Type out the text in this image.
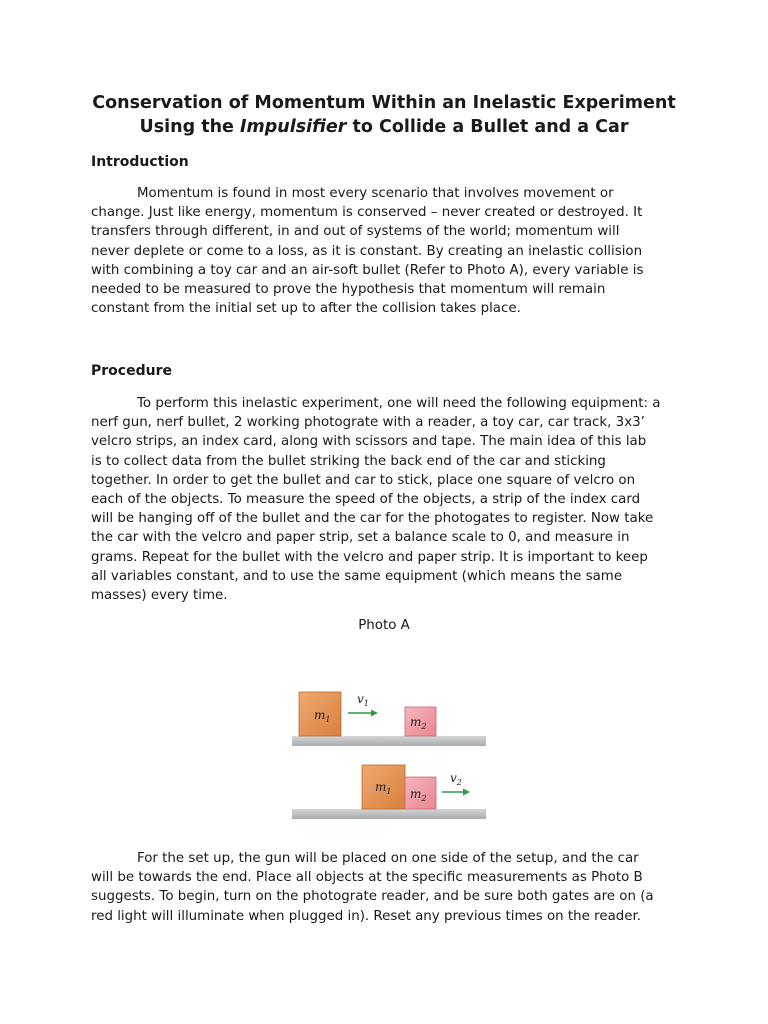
Conservation of Momentum Within an Inelastic Experiment
Using the Impulsifier to Collide a Bullet and a Car
Introduction
Momentum is found in most every scenario that involves movement or
change. Just like energy, momentum is conserved – never created or destroyed. It
transfers through different, in and out of systems of the world; momentum will
never deplete or come to a loss, as it is constant. By creating an inelastic collision
with combining a toy car and an air-soft bullet (Refer to Photo A), every variable is
needed to be measured to prove the hypothesis that momentum will remain
constant from the initial set up to after the collision takes place.
Procedure
To perform this inelastic experiment, one will need the following equipment: a
nerf gun, nerf bullet, 2 working photograte with a reader, a toy car, car track, 3x3’
velcro strips, an index card, along with scissors and tape. The main idea of this lab
is to collect data from the bullet striking the back end of the car and sticking
together. In order to get the bullet and car to stick, place one square of velcro on
each of the objects. To measure the speed of the objects, a strip of the index card
will be hanging off of the bullet and the car for the photogates to register. Now take
the car with the velcro and paper strip, set a balance scale to 0, and measure in
grams. Repeat for the bullet with the velcro and paper strip. It is important to keep
all variables constant, and to use the same equipment (which means the same
masses) every time.
Photo A
$m_1$
$v_1$
$m_2$
$m_1$ $m_2$
$v_2$
For the set up, the gun will be placed on one side of the setup, and the car
will be towards the end. Place all objects at the specific measurements as Photo B
suggests. To begin, turn on the photograte reader, and be sure both gates are on (a
red light will illuminate when plugged in). Reset any previous times on the reader.
